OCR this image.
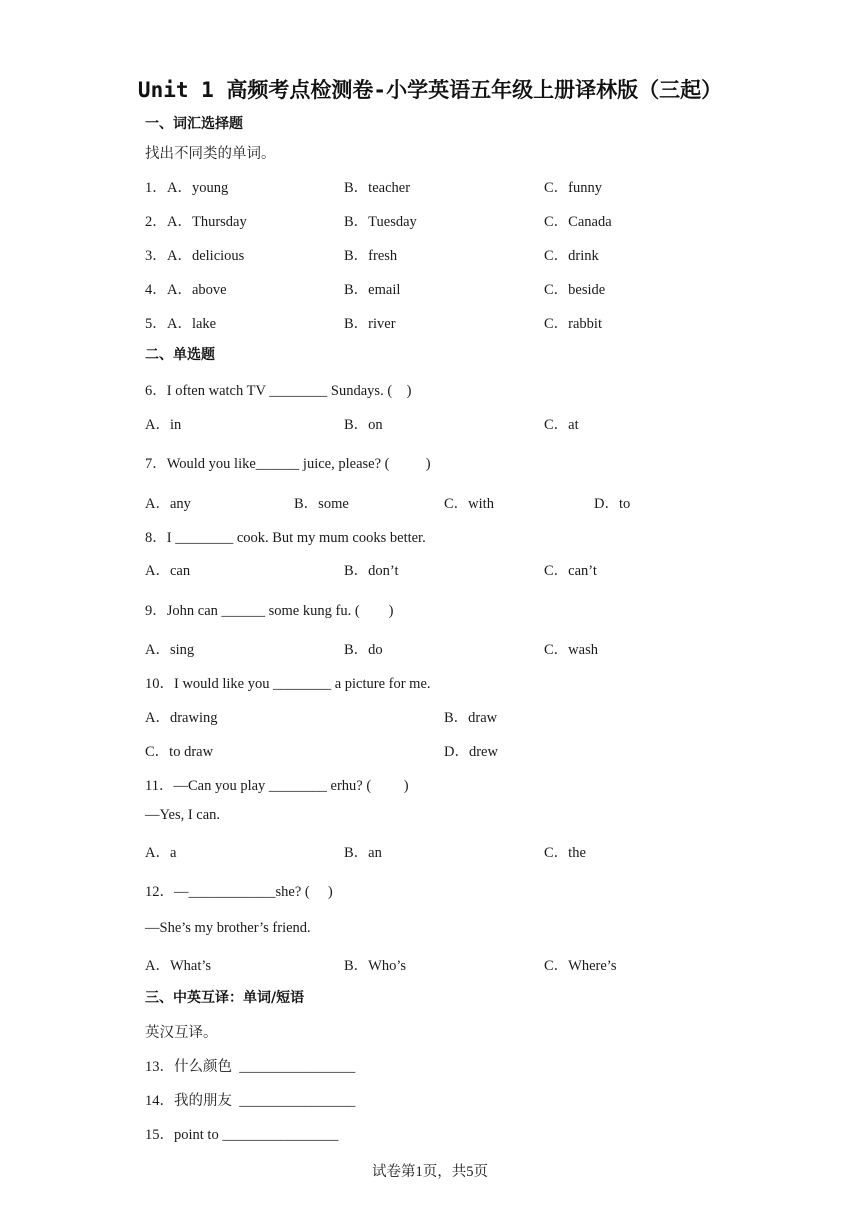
Unit 1 高频考点检测卷-小学英语五年级上册译林版（三起）
一、词汇选择题
找出不同类的单词。
1． A．young	B．teacher	C．funny
2． A．Thursday	B．Tuesday	C．Canada
3． A．delicious	B．fresh	C．drink
4． A．above	B．email	C．beside
5． A．lake	B．river	C．rabbit
二、单选题
6．I often watch TV ________ Sundays. (    )
A．in	B．on	C．at
7．Would you like______ juice, please? (          )
A．any	B．some	C．with	D．to
8．I ________ cook. But my mum cooks better.
A．can	B．don’t	C．can’t
9．John can ______ some kung fu. (        )
A．sing	B．do	C．wash
10．I would like you ________ a picture for me.
A．drawing	B．draw
C．to draw	D．drew
11．—Can you play ________ erhu? (         )
—Yes, I can.
A．a	B．an	C．the
12．—____________she? (     )
—She’s my brother’s friend.
A．What’s	B．Who’s	C．Where’s
三、中英互译：单词/短语
英汉互译。
13．什么颜色  ________________
14．我的朋友  ________________
15．point to ________________
试卷第1页，共5页
